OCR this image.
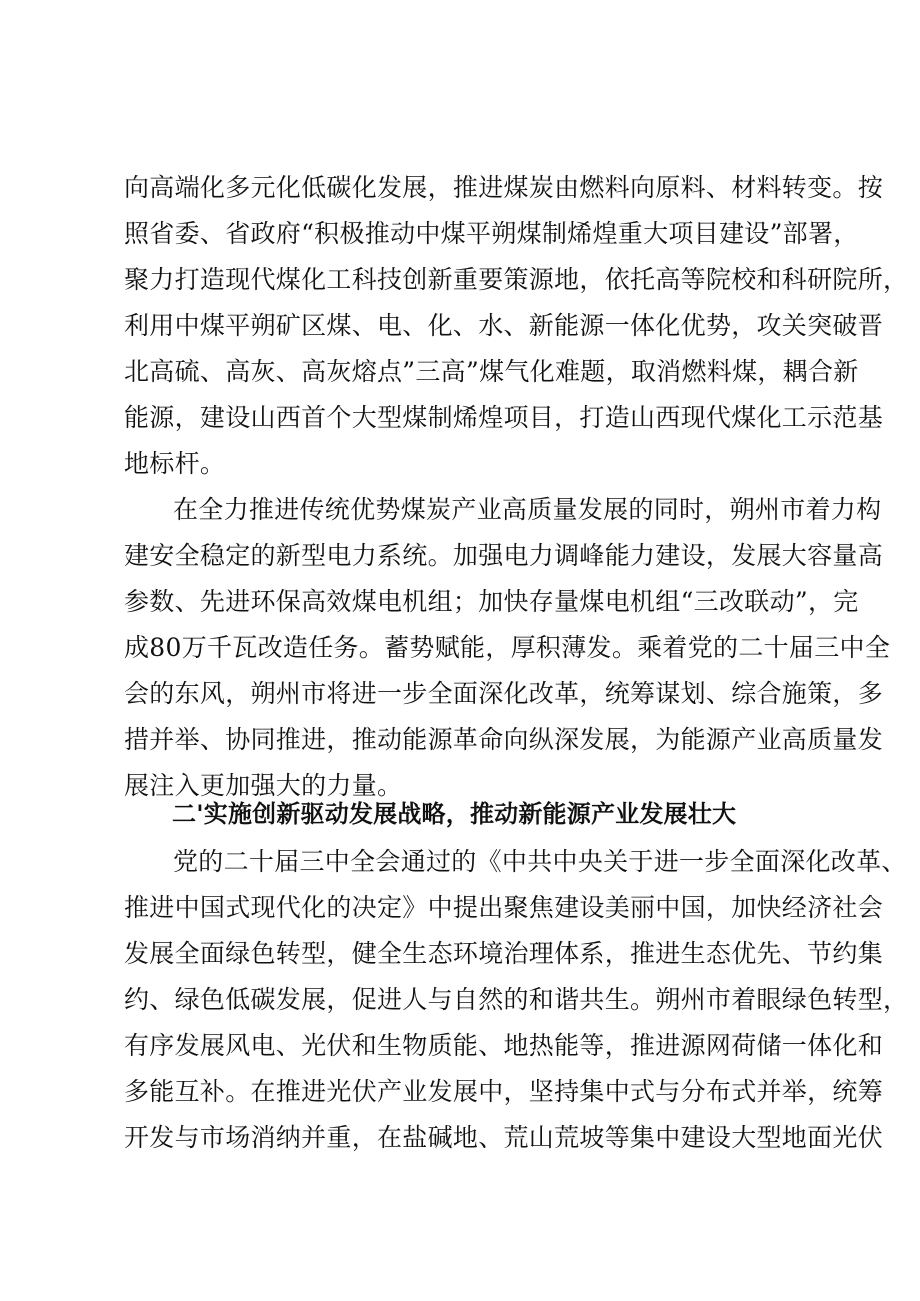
向高端化多元化低碳化发展，推进煤炭由燃料向原料、材料转变。按
照省委、省政府“积极推动中煤平朔煤制烯煌重大项目建设”部署，
聚力打造现代煤化工科技创新重要策源地，依托高等院校和科研院所，
利用中煤平朔矿区煤、电、化、水、新能源一体化优势，攻关突破晋
北高硫、高灰、高灰熔点”三高”煤气化难题，取消燃料煤，耦合新
能源，建设山西首个大型煤制烯煌项目，打造山西现代煤化工示范基
地标杆。
在全力推进传统优势煤炭产业高质量发展的同时，朔州市着力构
建安全稳定的新型电力系统。加强电力调峰能力建设，发展大容量高
参数、先进环保高效煤电机组；加快存量煤电机组“三改联动”，完
成80万千瓦改造任务。蓄势赋能，厚积薄发。乘着党的二十届三中全
会的东风，朔州市将进一步全面深化改革，统筹谋划、综合施策，多
措并举、协同推进，推动能源革命向纵深发展，为能源产业高质量发
展注入更加强大的力量。
二'实施创新驱动发展战略，推动新能源产业发展壮大
党的二十届三中全会通过的《中共中央关于进一步全面深化改革、
推进中国式现代化的决定》中提出聚焦建设美丽中国，加快经济社会
发展全面绿色转型，健全生态环境治理体系，推进生态优先、节约集
约、绿色低碳发展，促进人与自然的和谐共生。朔州市着眼绿色转型，
有序发展风电、光伏和生物质能、地热能等，推进源网荷储一体化和
多能互补。在推进光伏产业发展中，坚持集中式与分布式并举，统筹
开发与市场消纳并重，在盐碱地、荒山荒坡等集中建设大型地面光伏
